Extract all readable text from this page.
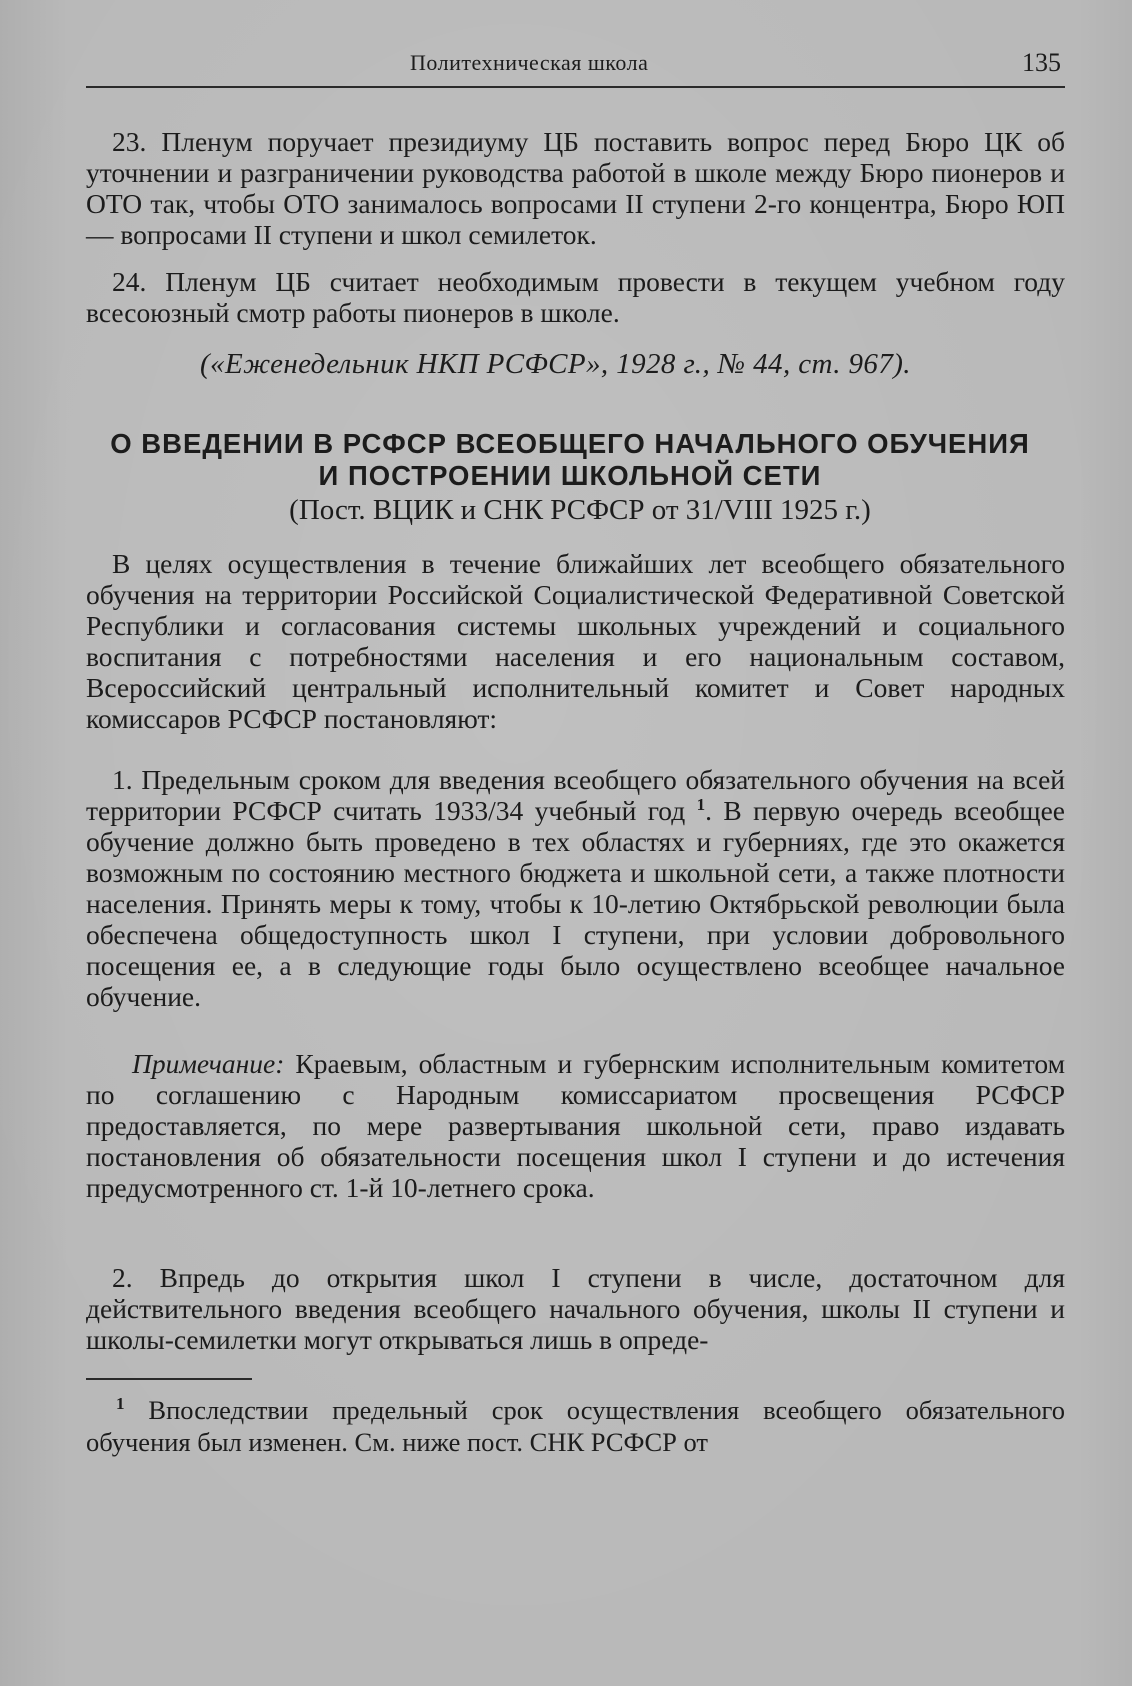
Политехническая школа	135
23. Пленум поручает президиуму ЦБ поставить вопрос перед Бюро ЦК об уточнении и разграничении руководства работой в школе между Бюро пионеров и ОТО так, чтобы ОТО занималось вопросами II ступени 2-го концентра, Бюро ЮП — вопросами II ступени и школ семилеток.
24. Пленум ЦБ считает необходимым провести в текущем учебном году всесоюзный смотр работы пионеров в школе.
(«Еженедельник НКП РСФСР», 1928 г., № 44, ст. 967).
О ВВЕДЕНИИ В РСФСР ВСЕОБЩЕГО НАЧАЛЬНОГО ОБУЧЕНИЯ
И ПОСТРОЕНИИ ШКОЛЬНОЙ СЕТИ
(Пост. ВЦИК и СНК РСФСР от 31/VIII 1925 г.)
В целях осуществления в течение ближайших лет всеобщего обязательного обучения на территории Российской Социалистической Федеративной Советской Республики и согласования системы школьных учреждений и социального воспитания с потребностями населения и его национальным составом, Всероссийский центральный исполнительный комитет и Совет народных комиссаров РСФСР постановляют:
1. Предельным сроком для введения всеобщего обязательного обучения на всей территории РСФСР считать 1933/34 учебный год $^1$. В первую очередь всеобщее обучение должно быть проведено в тех областях и губерниях, где это окажется возможным по состоянию местного бюджета и школьной сети, а также плотности населения. Принять меры к тому, чтобы к 10-летию Октябрьской революции была обеспечена общедоступность школ I ступени, при условии добровольного посещения ее, а в следующие годы было осуществлено всеобщее начальное обучение.
Примечание: Краевым, областным и губернским исполнительным комитетом по соглашению с Народным комиссариатом просвещения РСФСР предоставляется, по мере развертывания школьной сети, право издавать постановления об обязательности посещения школ I ступени и до истечения предусмотренного ст. 1-й 10-летнего срока.
2. Впредь до открытия школ I ступени в числе, достаточном для действительного введения всеобщего начального обучения, школы II ступени и школы-семилетки могут открываться лишь в опреде-
$^1$ Впоследствии предельный срок осуществления всеобщего обязательного обучения был изменен. См. ниже пост. СНК РСФСР от
